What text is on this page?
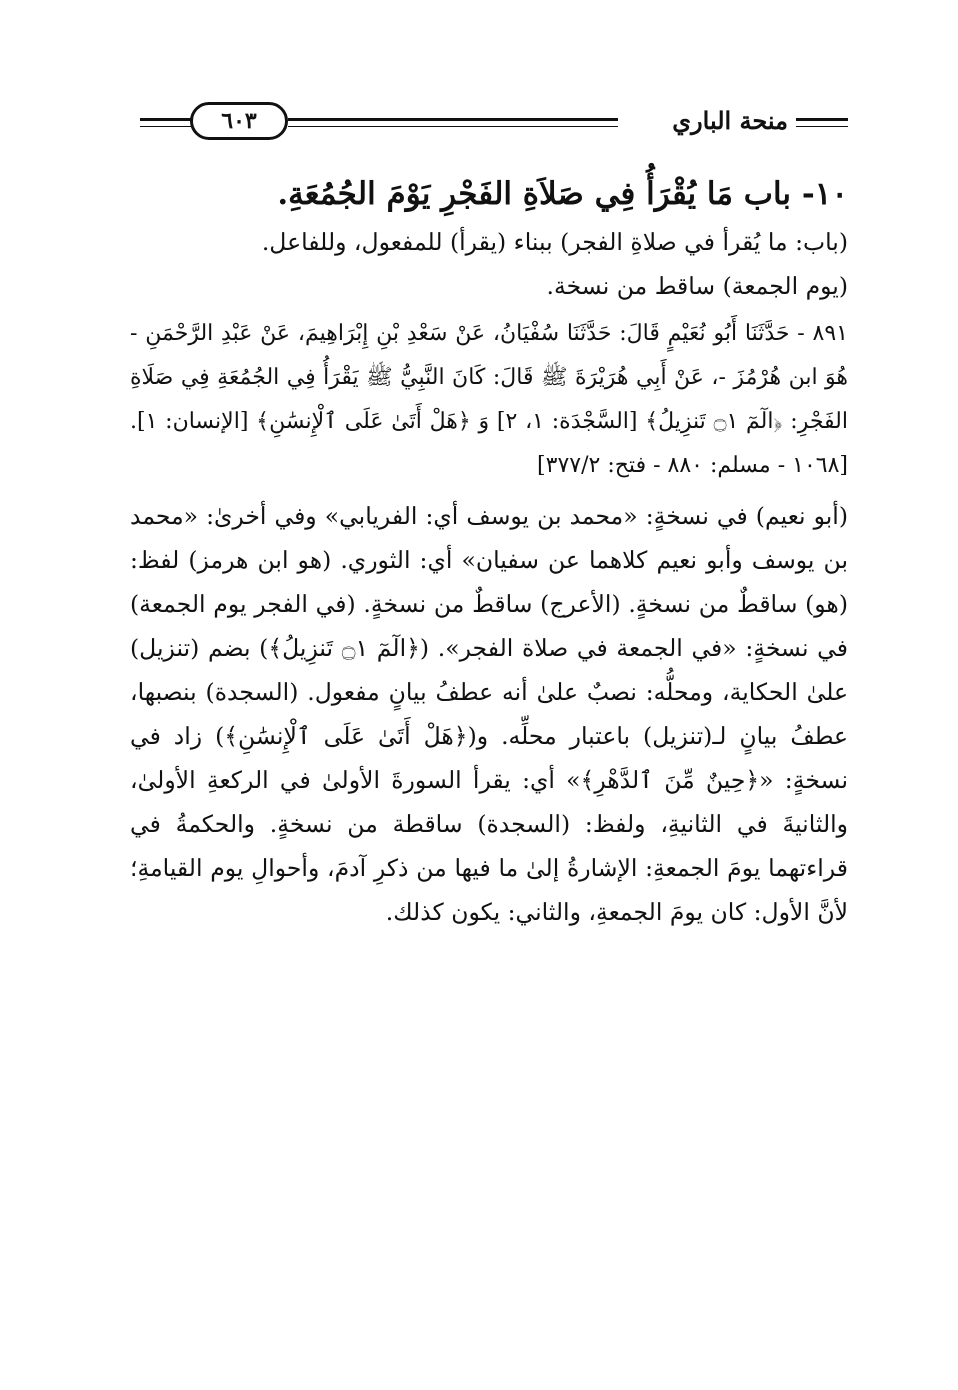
٦٠٣	منحة الباري
١٠- باب مَا يُقْرَأُ فِي صَلاَةِ الفَجْرِ يَوْمَ الجُمُعَةِ.

(باب: ما يُقرأ في صلاةِ الفجر) ببناء (يقرأ) للمفعول، وللفاعل.

(يوم الجمعة) ساقط من نسخة.

٨٩١ - حَدَّثَنَا أَبُو نُعَيْمٍ قَالَ: حَدَّثَنَا سُفْيَانُ، عَنْ سَعْدِ بْنِ إِبْرَاهِيمَ، عَنْ عَبْدِ الرَّحْمَنِ - هُوَ ابن هُرْمُزَ -، عَنْ أَبِي هُرَيْرَةَ ﷺ قَالَ: كَانَ النَّبِيُّ ﷺ يَقْرَأُ فِي الجُمُعَةِ فِي صَلَاةِ الفَجْرِ: ﴿الٓمٓ ۝١ تَنزِيلُ﴾ [السَّجْدَة: ١، ٢] وَ ﴿هَلْ أَتَىٰ عَلَى ٱلْإِنسَٰنِ﴾ [الإنسان: ١]. [١٠٦٨ - مسلم: ٨٨٠ - فتح: ٣٧٧/٢]

(أبو نعيم) في نسخةٍ: «محمد بن يوسف أي: الفريابي» وفي أخرىٰ: «محمد بن يوسف وأبو نعيم كلاهما عن سفيان» أي: الثوري. (هو ابن هرمز) لفظ: (هو) ساقطٌ من نسخةٍ. (الأعرج) ساقطٌ من نسخةٍ. (في الفجر يوم الجمعة) في نسخةٍ: «في الجمعة في صلاة الفجر». (﴿الٓمٓ ۝١ تَنزِيلُ﴾) بضم (تنزيل) علىٰ الحكاية، ومحلُّه: نصبٌ علىٰ أنه عطفُ بيانٍ مفعول. (السجدة) بنصبها، عطفُ بيانٍ لـ(تنزيل) باعتبار محلِّه. و(﴿هَلْ أَتَىٰ عَلَى ٱلْإِنسَٰنِ﴾) زاد في نسخةٍ: «﴿حِينٌ مِّنَ ٱلدَّهْرِ﴾» أي: يقرأ السورةَ الأولىٰ في الركعةِ الأولىٰ، والثانيةَ في الثانيةِ، ولفظ: (السجدة) ساقطة من نسخةٍ. والحكمةُ في قراءتهما يومَ الجمعةِ: الإشارةُ إلىٰ ما فيها من ذكرِ آدمَ، وأحوالِ يوم القيامةِ؛ لأنَّ الأول: كان يومَ الجمعةِ، والثاني: يكون كذلك.
